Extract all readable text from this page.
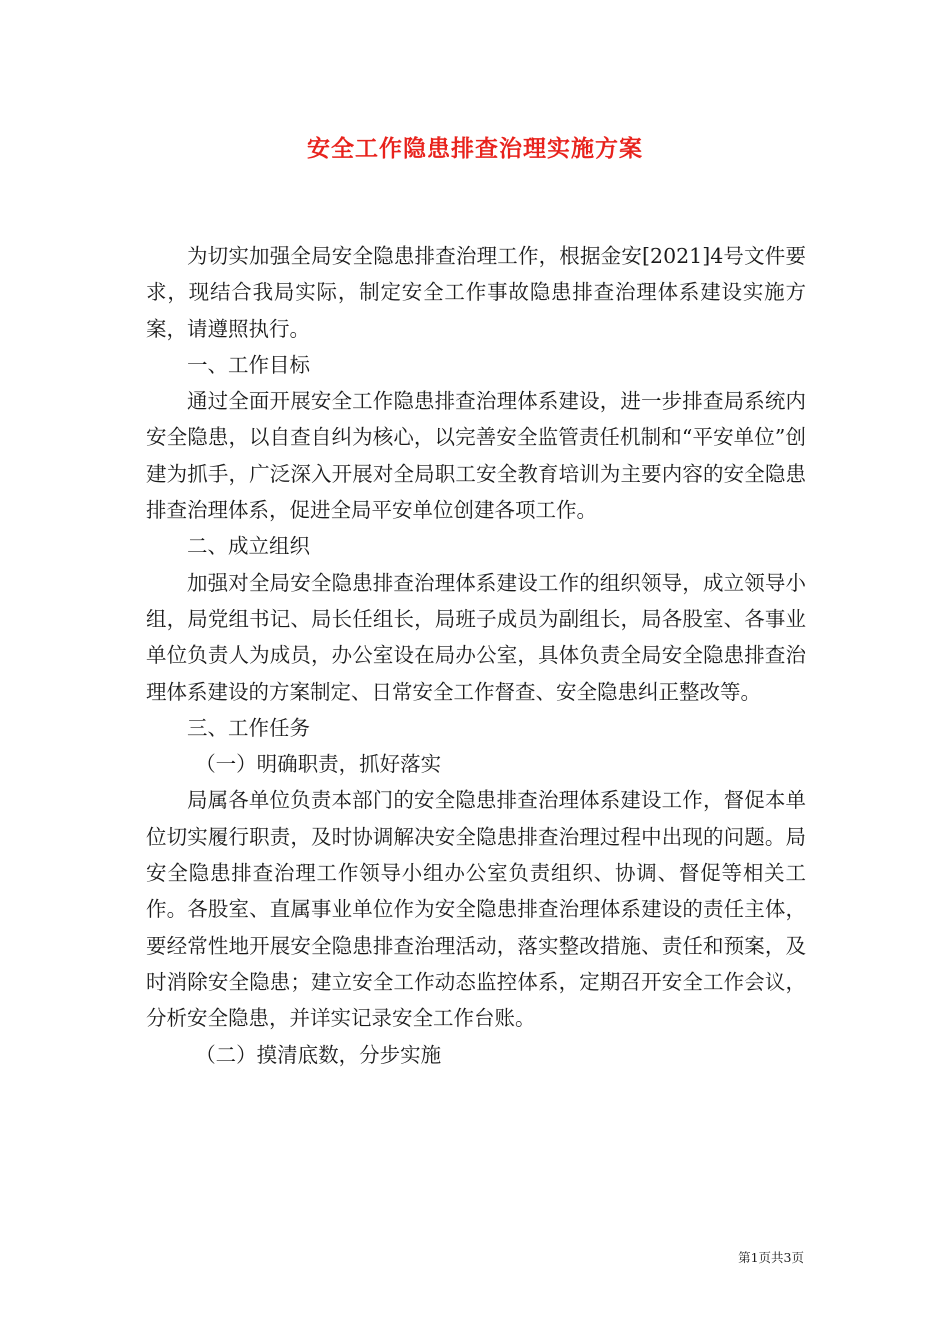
安全工作隐患排查治理实施方案

为切实加强全局安全隐患排查治理工作，根据金安[2021]4号文件要求，现结合我局实际，制定安全工作事故隐患排查治理体系建设实施方案，请遵照执行。

一、工作目标

通过全面开展安全工作隐患排查治理体系建设，进一步排查局系统内安全隐患，以自查自纠为核心，以完善安全监管责任机制和“平安单位”创建为抓手，广泛深入开展对全局职工安全教育培训为主要内容的安全隐患排查治理体系，促进全局平安单位创建各项工作。

二、成立组织

加强对全局安全隐患排查治理体系建设工作的组织领导，成立领导小组，局党组书记、局长任组长，局班子成员为副组长，局各股室、各事业单位负责人为成员，办公室设在局办公室，具体负责全局安全隐患排查治理体系建设的方案制定、日常安全工作督查、安全隐患纠正整改等。

三、工作任务

（一）明确职责，抓好落实

局属各单位负责本部门的安全隐患排查治理体系建设工作，督促本单位切实履行职责，及时协调解决安全隐患排查治理过程中出现的问题。局安全隐患排查治理工作领导小组办公室负责组织、协调、督促等相关工作。各股室、直属事业单位作为安全隐患排查治理体系建设的责任主体，要经常性地开展安全隐患排查治理活动，落实整改措施、责任和预案，及时消除安全隐患；建立安全工作动态监控体系，定期召开安全工作会议，分析安全隐患，并详实记录安全工作台账。

（二）摸清底数，分步实施

第1页共3页
